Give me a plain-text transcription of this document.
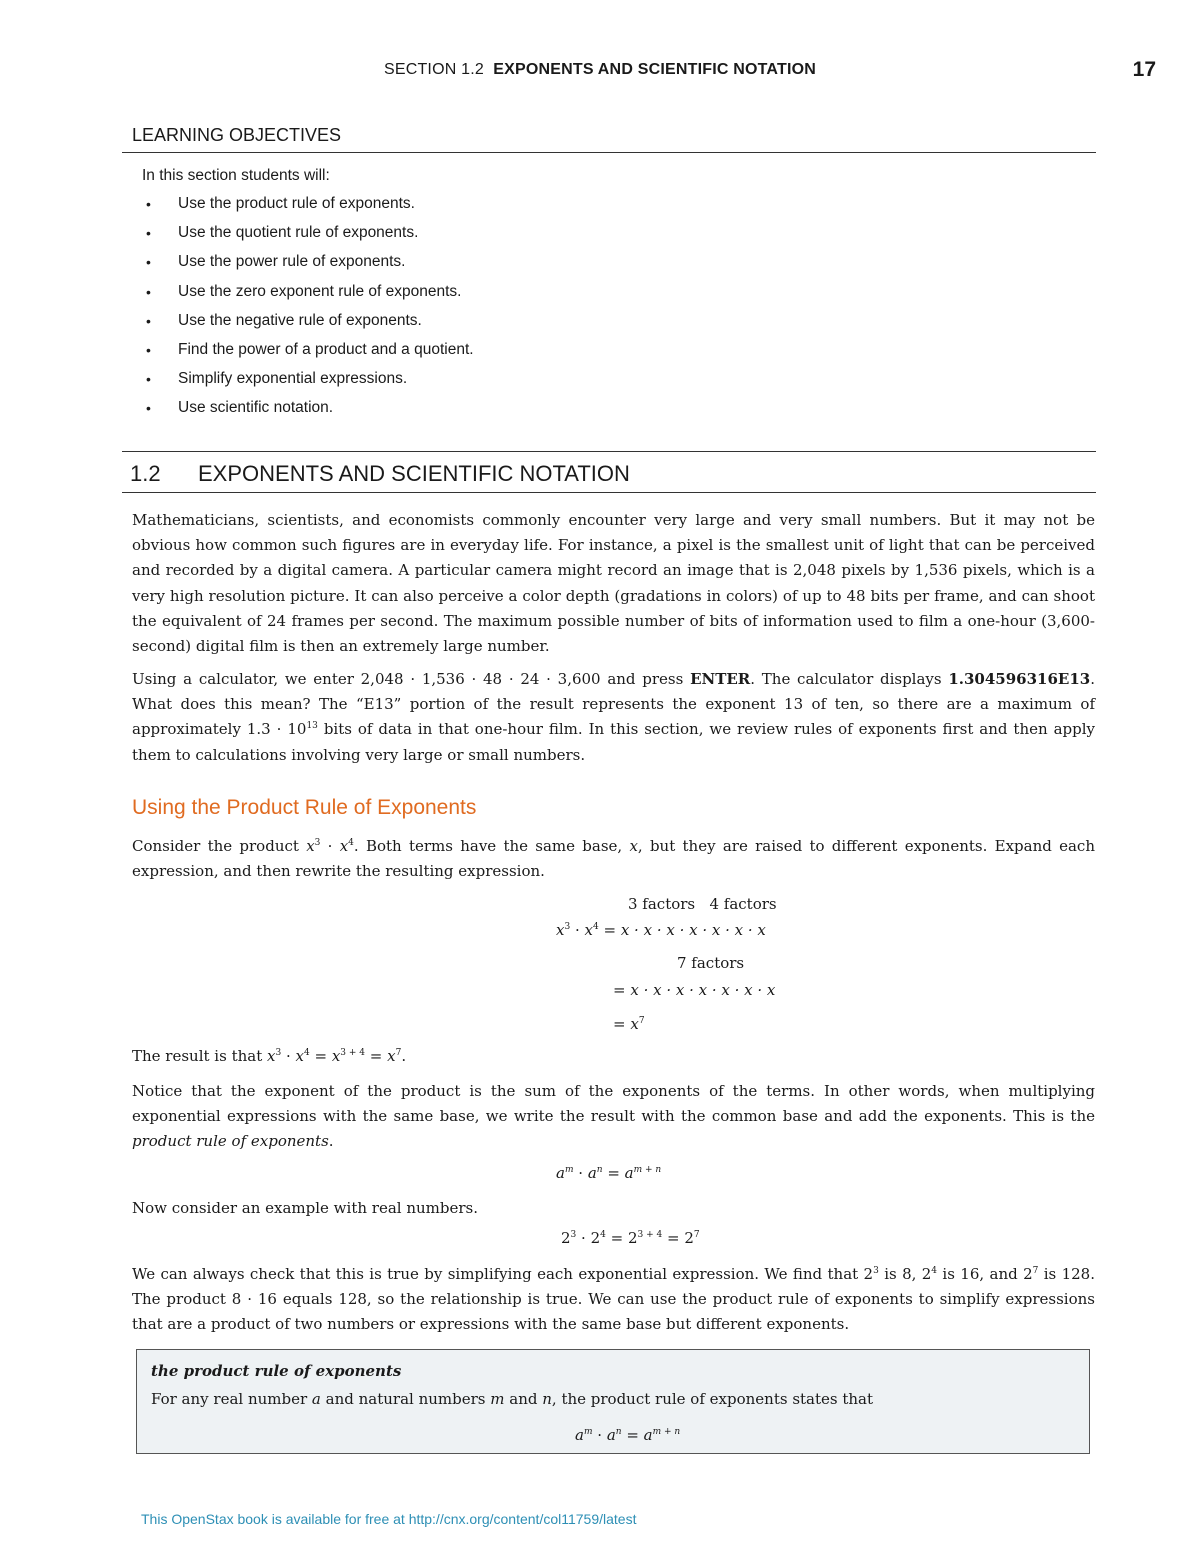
SECTION 1.2 EXPONENTS AND SCIENTIFIC NOTATION	17
LEARNING OBJECTIVES
In this section students will:
•	Use the product rule of exponents.
•	Use the quotient rule of exponents.
•	Use the power rule of exponents.
•	Use the zero exponent rule of exponents.
•	Use the negative rule of exponents.
•	Find the power of a product and a quotient.
•	Simplify exponential expressions.
•	Use scientific notation.
1.2 EXPONENTS AND SCIENTIFIC NOTATION

Mathematicians, scientists, and economists commonly encounter very large and very small numbers. But it may not be obvious how common such figures are in everyday life. For instance, a pixel is the smallest unit of light that can be perceived and recorded by a digital camera. A particular camera might record an image that is 2,048 pixels by 1,536 pixels, which is a very high resolution picture. It can also perceive a color depth (gradations in colors) of up to 48 bits per frame, and can shoot the equivalent of 24 frames per second. The maximum possible number of bits of information used to film a one-hour (3,600-second) digital film is then an extremely large number.

Using a calculator, we enter 2,048 · 1,536 · 48 · 24 · 3,600 and press ENTER. The calculator displays 1.304596316E13. What does this mean? The “E13” portion of the result represents the exponent 13 of ten, so there are a maximum of approximately $1.3 \cdot 10^{13}$ bits of data in that one-hour film. In this section, we review rules of exponents first and then apply them to calculations involving very large or small numbers.

Using the Product Rule of Exponents

Consider the product $x^3 \cdot x^4$. Both terms have the same base, x, but they are raised to different exponents. Expand each expression, and then rewrite the resulting expression.

3 factors 4 factors
$x^3 \cdot x^4 = x \cdot x \cdot x \cdot x \cdot x \cdot x \cdot x$
7 factors
= x · x · x · x · x · x · x
= $x^7$
The result is that $x^3 \cdot x^4 = x^{3 + 4} = x^7$.

Notice that the exponent of the product is the sum of the exponents of the terms. In other words, when multiplying exponential expressions with the same base, we write the result with the common base and add the exponents. This is the product rule of exponents.

$a^m \cdot a^n = a^{m + n}$

Now consider an example with real numbers.

$2^3 \cdot 2^4 = 2^{3 + 4} = 2^7$

We can always check that this is true by simplifying each exponential expression. We find that $2^3$ is 8, $2^4$ is 16, and $2^7$ is 128. The product 8 · 16 equals 128, so the relationship is true. We can use the product rule of exponents to simplify expressions that are a product of two numbers or expressions with the same base but different exponents.

the product rule of exponents
For any real number a and natural numbers m and n, the product rule of exponents states that
$a^m \cdot a^n = a^{m + n}$
This OpenStax book is available for free at http://cnx.org/content/col11759/latest
